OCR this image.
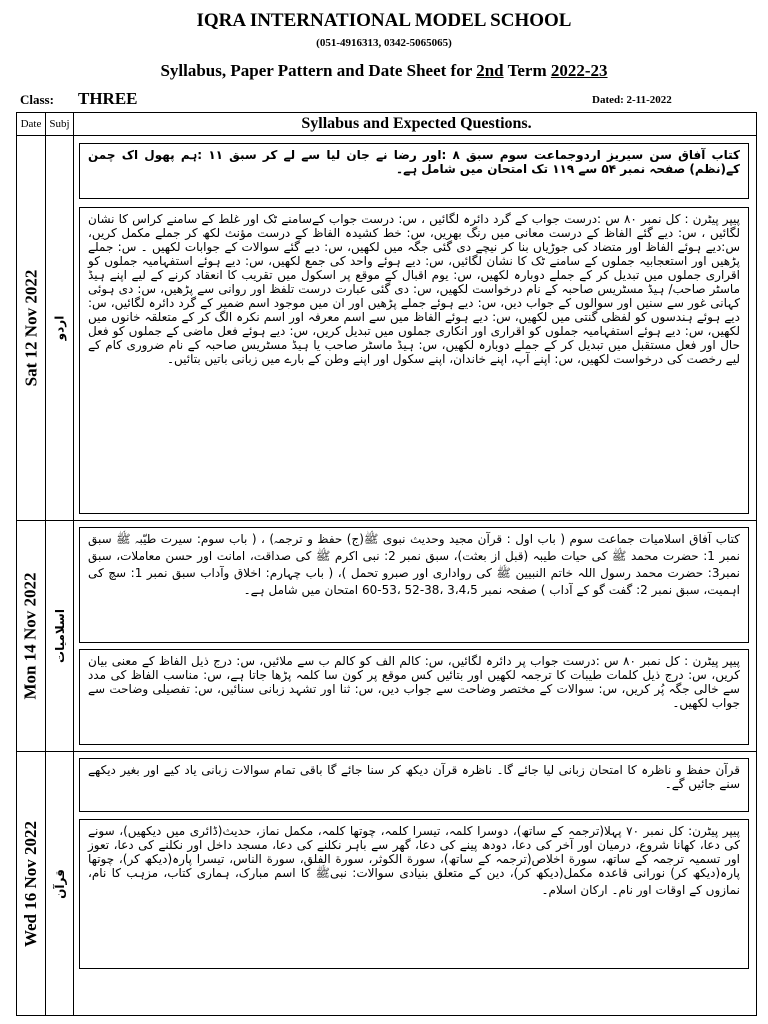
IQRA INTERNATIONAL MODEL SCHOOL
(051-4916313, 0342-5065065)
Syllabus, Paper Pattern and Date Sheet for 2nd Term 2022-23
Class: THREE	Dated: 2-11-2022
Date Subj	Syllabus and Expected Questions.
Sat 12 Nov 2022 اردو

کتاب آفاق سن سیریز اردوجماعت سوم سبق ۸ :اور رضا نے جان لیا سے لے کر سبق ۱۱ :ہم پھول اک چمن کے(نظم) صفحہ نمبر ۵۴ سے ۱۱۹ تک امتحان میں شامل ہے۔

پیپر پیٹرن : کل نمبر ۸۰ س :درست جواب کے گرد دائرہ لگائیں ، س: درست جواب کےسامنے ٹک اور غلط کے سامنے کراس کا نشان لگائیں ، س: دیے گئے الفاظ کے درست معانی میں رنگ بھریں، س: خط کشیدہ الفاظ کے درست مؤنث لکھ کر جملے مکمل کریں، س:دیے ہوئے الفاظ اور متضاد کی جوڑیاں بنا کر نیچے دی گئی جگہ میں لکھیں، س: دیے گئے سوالات کے جوابات لکھیں ۔ س: جملے پڑھیں اور استعجابیہ جملوں کے سامنے ٹک کا نشان لگائیں، س: دیے ہوئے واحد کی جمع لکھیں، س: دیے ہوئے استفہامیہ جملوں کو اقراری جملوں میں تبدیل کر کے جملے دوبارہ لکھیں، س: یوم اقبال کے موقع پر اسکول میں تقریب کا انعقاد کرنے کے لیے اپنے ہیڈ ماسٹر صاحب/ ہیڈ مسٹریس صاحبہ کے نام درخواست لکھیں، س: دی گئی عبارت درست تلفظ اور روانی سے پڑھیں، س: دی ہوئی کہانی غور سے سنیں اور سوالوں کے جواب دیں، س: دیے ہوئے جملے پڑھیں اور ان میں موجود اسم ضمیر کے گرد دائرہ لگائیں، س: دیے ہوئے ہندسوں کو لفظی گنتی میں لکھیں، س: دیے ہوئے الفاظ میں سے اسم معرفہ اور اسم نکرہ الگ کر کے متعلقہ خانوں میں لکھیں، س: دیے ہوئے استفہامیہ جملوں کو اقراری اور انکاری جملوں میں تبدیل کریں، س: دیے ہوئے فعل ماضی کے جملوں کو فعل حال اور فعل مستقبل میں تبدیل کر کے جملے دوبارہ لکھیں، س: ہیڈ ماسٹر صاحب یا ہیڈ مسٹریس صاحبہ کے نام ضروری کام کے لیے رخصت کی درخواست لکھیں، س: اپنے آپ، اپنے خاندان، اپنے سکول اور اپنے وطن کے بارے میں زبانی باتیں بتائیں۔

Mon 14 Nov 2022 اسلامیات

کتاب آفاق اسلامیات جماعت سوم ( باب اول : قرآن مجید وحدیث نبوی ﷺ(ج) حفظ و ترجمہ) ، ( باب سوم: سیرت طیّبہ ﷺ سبق نمبر 1: حضرت محمد ﷺ کی حیات طیبہ (قبل از بعثت)، سبق نمبر 2: نبی اکرم ﷺ کی صداقت، امانت اور حسن معاملات، سبق نمبر3: حضرت محمد رسول اللہ خاتم النبیین ﷺ کی رواداری اور صبرو تحمل )، ( باب چہارم: اخلاق وآداب سبق نمبر 1: سچ کی اہمیت، سبق نمبر 2: گفت گو کے آداب ) صفحہ نمبر 3،4،5 ،38-52 ،53-60 امتحان میں شامل ہے۔

پیپر پیٹرن : کل نمبر ۸۰ س :درست جواب پر دائرہ لگائیں، س: کالم الف کو کالم ب سے ملائیں، س: درج ذیل الفاظ کے معنی بیان کریں، س: درج ذیل کلمات طیبات کا ترجمہ لکھیں اور بتائیں کس موقع پر کون سا کلمہ پڑھا جاتا ہے، س: مناسب الفاظ کی مدد سے خالی جگہ پُر کریں، س: سوالات کے مختصر وضاحت سے جواب دیں، س: ثنا اور تشہد زبانی سنائیں، س: تفصیلی وضاحت سے جواب لکھیں۔

Wed 16 Nov 2022 قرآن

قرآن حفظ و ناظرہ کا امتحان زبانی لیا جائے گا۔ ناظرہ قرآن دیکھ کر سنا جائے گا باقی تمام سوالات زبانی یاد کیے اور بغیر دیکھے سنے جائیں گے۔

پیپر پیٹرن: کل نمبر ۷۰ پہلا(ترجمہ کے ساتھ)، دوسرا کلمہ، تیسرا کلمہ، چوتھا کلمہ، مکمل نماز، حدیث(ڈائری میں دیکھیں)، سونے کی دعا، کھانا شروع، درمیان اور آخر کی دعا، دودھ پینے کی دعا، گھر سے باہر نکلنے کی دعا، مسجد داخل اور نکلنے کی دعا، تعوز اور تسمیہ ترجمہ کے ساتھ، سورة اخلاص(ترجمہ کے ساتھ)، سورة الکوثر، سورة الفلق، سورة الناس، تیسرا پارہ(دیکھ کر)، چوتھا پارہ(دیکھ کر) نورانی قاعدہ مکمل(دیکھ کر)، دین کے متعلق بنیادی سوالات: نبیﷺ کا اسم مبارک، ہماری کتاب، مزہب کا نام، نمازوں کے اوقات اور نام۔ ارکان اسلام۔
